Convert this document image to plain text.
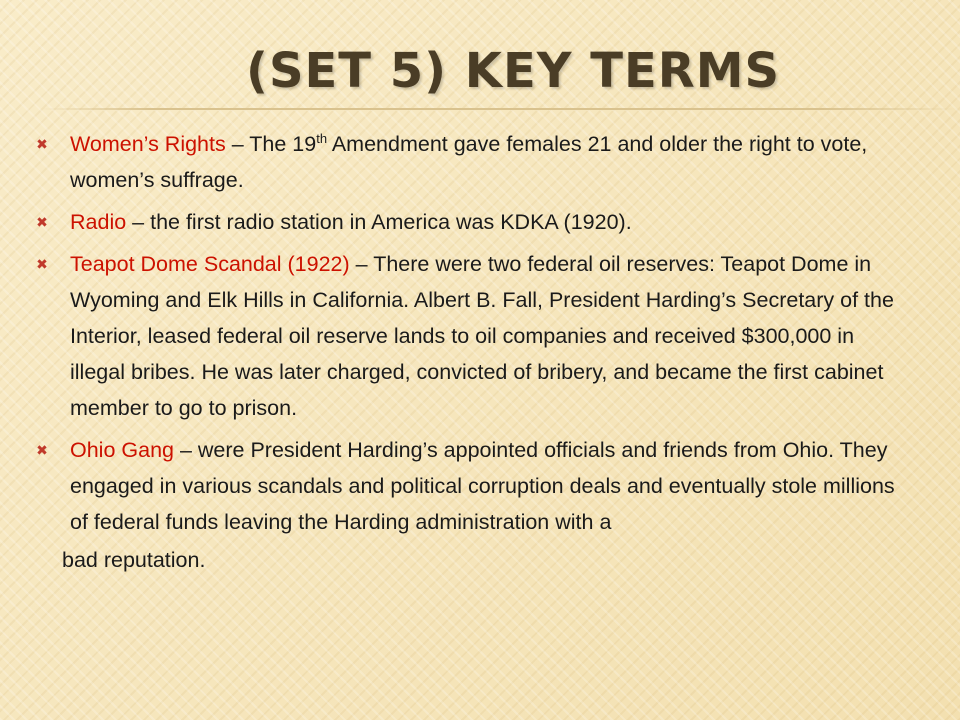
(SET 5) KEY TERMS
✖ Women’s Rights – The 19th Amendment gave females 21 and older the right to vote, women’s suffrage.
✖ Radio – the first radio station in America was KDKA (1920).
✖ Teapot Dome Scandal (1922) – There were two federal oil reserves: Teapot Dome in Wyoming and Elk Hills in California. Albert B. Fall, President Harding’s Secretary of the Interior, leased federal oil reserve lands to oil companies and received $300,000 in illegal bribes. He was later charged, convicted of bribery, and became the first cabinet member to go to prison.
✖ Ohio Gang – were President Harding’s appointed officials and friends from Ohio. They engaged in various scandals and political corruption deals and eventually stole millions of federal funds leaving the Harding administration with a
bad reputation.
